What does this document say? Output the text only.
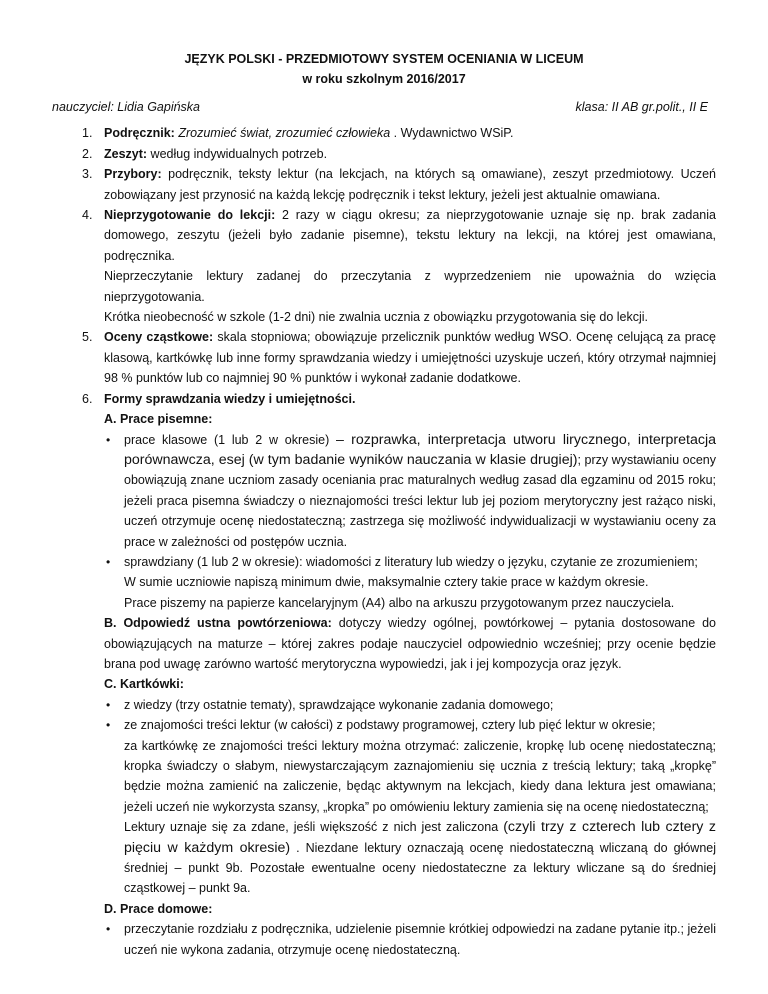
JĘZYK POLSKI - PRZEDMIOTOWY SYSTEM OCENIANIA W LICEUM
w roku szkolnym 2016/2017
nauczyciel: Lidia Gapińska	klasa: II AB gr.polit., II E
1. Podręcznik: Zrozumieć świat, zrozumieć człowieka . Wydawnictwo WSiP.
2. Zeszyt: według indywidualnych potrzeb.
3. Przybory: podręcznik, teksty lektur (na lekcjach, na których są omawiane), zeszyt przedmiotowy. Uczeń zobowiązany jest przynosić na każdą lekcję podręcznik i tekst lektury, jeżeli jest aktualnie omawiana.
4. Nieprzygotowanie do lekcji: 2 razy w ciągu okresu; za nieprzygotowanie uznaje się np. brak zadania domowego, zeszytu (jeżeli było zadanie pisemne), tekstu lektury na lekcji, na której jest omawiana, podręcznika.
Nieprzeczytanie lektury zadanej do przeczytania z wyprzedzeniem nie upoważnia do wzięcia nieprzygotowania.
Krótka nieobecność w szkole (1-2 dni) nie zwalnia ucznia z obowiązku przygotowania się do lekcji.
5. Oceny cząstkowe: skala stopniowa; obowiązuje przelicznik punktów według WSO. Ocenę celującą za pracę klasową, kartkówkę lub inne formy sprawdzania wiedzy i umiejętności uzyskuje uczeń, który otrzymał najmniej 98 % punktów lub co najmniej 90 % punktów i wykonał zadanie dodatkowe.
6. Formy sprawdzania wiedzy i umiejętności.
A. Prace pisemne:
• prace klasowe (1 lub 2 w okresie) – rozprawka, interpretacja utworu lirycznego, interpretacja porównawcza, esej (w tym badanie wyników nauczania w klasie drugiej); przy wystawianiu oceny obowiązują znane uczniom zasady oceniania prac maturalnych według zasad dla egzaminu od 2015 roku; jeżeli praca pisemna świadczy o nieznajomości treści lektur lub jej poziom merytoryczny jest rażąco niski, uczeń otrzymuje ocenę niedostateczną; zastrzega się możliwość indywidualizacji w wystawianiu oceny za prace w zależności od postępów ucznia.
• sprawdziany (1 lub 2 w okresie): wiadomości z literatury lub wiedzy o języku, czytanie ze zrozumieniem;
W sumie uczniowie napiszą minimum dwie, maksymalnie cztery takie prace w każdym okresie.
Prace piszemy na papierze kancelaryjnym (A4) albo na arkuszu przygotowanym przez nauczyciela.
B. Odpowiedź ustna powtórzeniowa: dotyczy wiedzy ogólnej, powtórkowej – pytania dostosowane do obowiązujących na maturze – której zakres podaje nauczyciel odpowiednio wcześniej; przy ocenie będzie brana pod uwagę zarówno wartość merytoryczna wypowiedzi, jak i jej kompozycja oraz język.
C. Kartkówki:
• z wiedzy (trzy ostatnie tematy), sprawdzające wykonanie zadania domowego;
• ze znajomości treści lektur (w całości) z podstawy programowej, cztery lub pięć lektur w okresie;
za kartkówkę ze znajomości treści lektury można otrzymać: zaliczenie, kropkę lub ocenę niedostateczną; kropka świadczy o słabym, niewystarczającym zaznajomieniu się ucznia z treścią lektury; taką „kropkę” będzie można zamienić na zaliczenie, będąc aktywnym na lekcjach, kiedy dana lektura jest omawiana; jeżeli uczeń nie wykorzysta szansy, „kropka” po omówieniu lektury zamienia się na ocenę niedostateczną;
Lektury uznaje się za zdane, jeśli większość z nich jest zaliczona (czyli trzy z czterech lub cztery z pięciu w każdym okresie) . Niezdane lektury oznaczają ocenę niedostateczną wliczaną do głównej średniej – punkt 9b. Pozostałe ewentualne oceny niedostateczne za lektury wliczane są do średniej cząstkowej – punkt 9a.
D. Prace domowe:
• przeczytanie rozdziału z podręcznika, udzielenie pisemnie krótkiej odpowiedzi na zadane pytanie itp.; jeżeli uczeń nie wykona zadania, otrzymuje ocenę niedostateczną.
